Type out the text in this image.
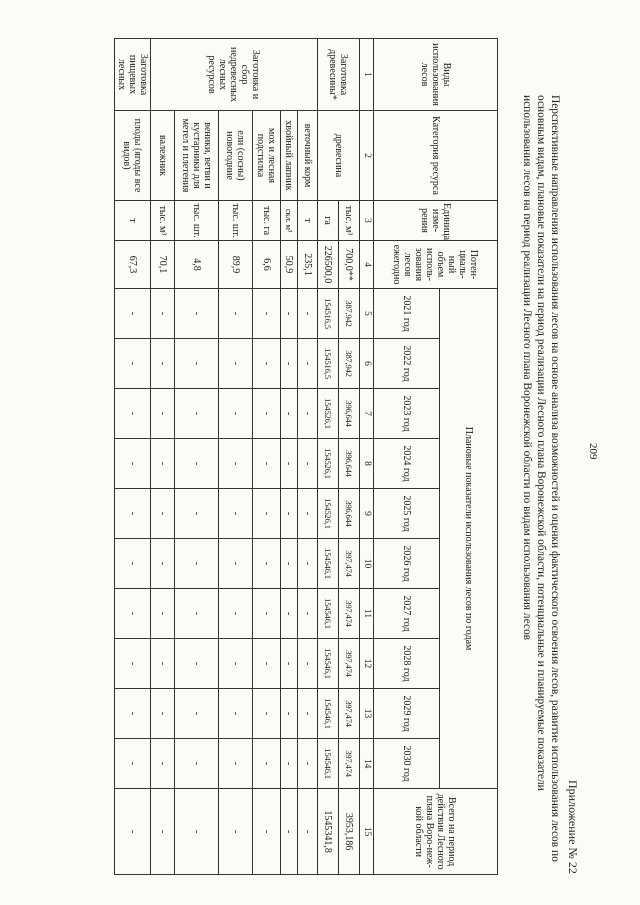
209
Приложение № 22
Перспективные направления использования лесов на основе анализа возможностей и оценки фактического освоения лесов, развитие использования лесов по основным видам, плановые показатели на период реализации Лесного плана Воронежской области, потенциальные и планируемые показатели использования лесов на период реализации Лесного плана Воронежской области по видам использования лесов
Виды использования лесов	Категория ресурса	Единица изме-рения	Потен-циаль-ный объем исполь-зования лесов ежегодно	Плановые показатели использования лесов по годам										Всего на период действия Лесного плана Воро-неж-кой области
				2021 год	2022 год	2023 год	2024 год	2025 год	2026 год	2027 год	2028 год	2029 год	2030 год	
1	2	3	4	5	6	7	8	9	10	11	12	13	14	15
Заготовка древесины*	древесина	тыс. м³	700,0**	387,942	387,942	396,644	396,644	396,644	397,474	397,474	397,474	397,474	397,474	3953,186
		га	226500,0	154516,5	154516,5	154526,1	154526,1	154526,1	154546,1	154546,1	154546,1	154546,1	154546,1	1545341,8
Заготовка и сбор недревесных лесных ресурсов	веточный корм	т	235,1	-	-	-	-	-	-	-	-	-	-	-
	хвойный лапник	скл. м³	50,9	-	-	-	-	-	-	-	-	-	-	-
	мох и лесная подстилка	тыс. га	6,6	-	-	-	-	-	-	-	-	-	-	-
	ели (сосны) новогодние	тыс. шт.	89,9	-	-	-	-	-	-	-	-	-	-	-
	веники, ветви и кустарники для метел и плетения	тыс. шт.	4,8	-	-	-	-	-	-	-	-	-	-	-
	валежник	тыс. м³	70,1	-	-	-	-	-	-	-	-	-	-	-
Заготовка пищевых лесных	плоды (ягоды все видов)	т	67,3	-	-	-	-	-	-	-	-	-	-	-
